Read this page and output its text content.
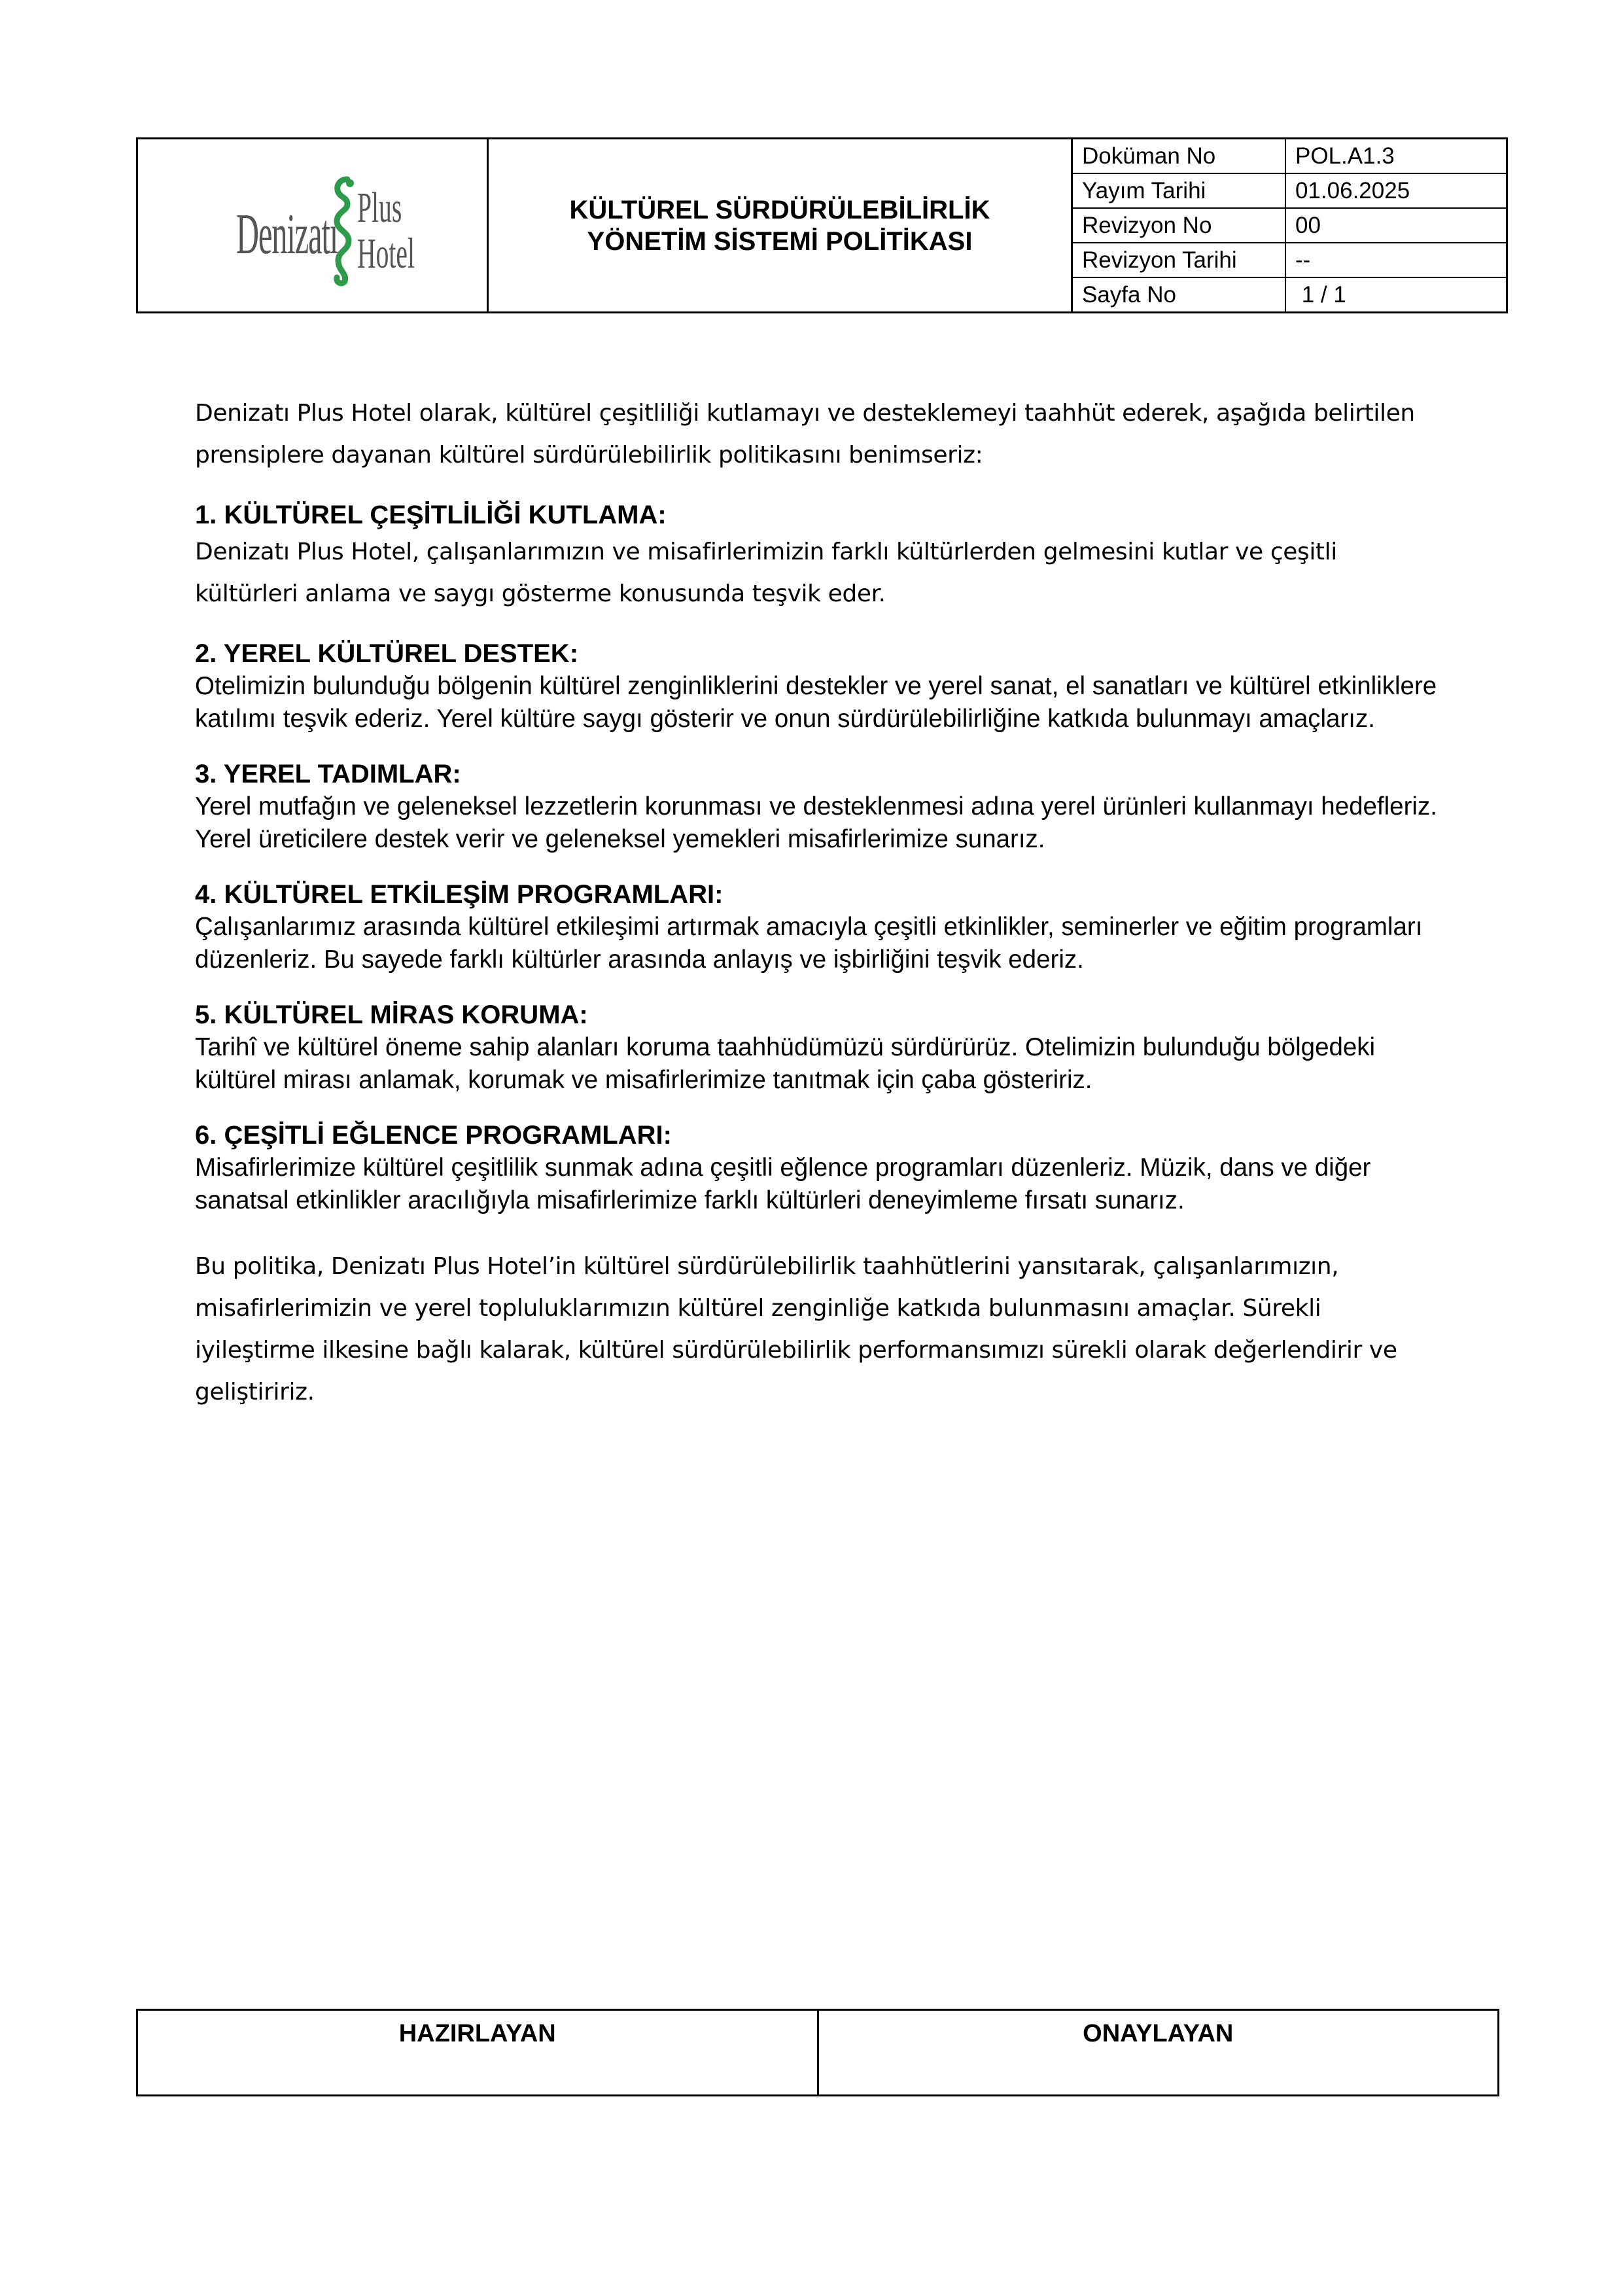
Denizatı Plus
Hotel

KÜLTÜREL SÜRDÜRÜLEBİLİRLİK
YÖNETİM SİSTEMİ POLİTİKASI

Doküman No	POL.A1.3
Yayım Tarihi	01.06.2025
Revizyon No	00
Revizyon Tarihi	--
Sayfa No	1 / 1

Denizatı Plus Hotel olarak, kültürel çeşitliliği kutlamayı ve desteklemeyi taahhüt ederek, aşağıda belirtilen prensiplere dayanan kültürel sürdürülebilirlik politikasını benimseriz:

1. KÜLTÜREL ÇEŞİTLİLİĞİ KUTLAMA:

Denizatı Plus Hotel, çalışanlarımızın ve misafirlerimizin farklı kültürlerden gelmesini kutlar ve çeşitli kültürleri anlama ve saygı gösterme konusunda teşvik eder.

2. YEREL KÜLTÜREL DESTEK:

Otelimizin bulunduğu bölgenin kültürel zenginliklerini destekler ve yerel sanat, el sanatları ve kültürel etkinliklere katılımı teşvik ederiz. Yerel kültüre saygı gösterir ve onun sürdürülebilirliğine katkıda bulunmayı amaçlarız.

3. YEREL TADIMLAR:

Yerel mutfağın ve geleneksel lezzetlerin korunması ve desteklenmesi adına yerel ürünleri kullanmayı hedefleriz. Yerel üreticilere destek verir ve geleneksel yemekleri misafirlerimize sunarız.

4. KÜLTÜREL ETKİLEŞİM PROGRAMLARI:

Çalışanlarımız arasında kültürel etkileşimi artırmak amacıyla çeşitli etkinlikler, seminerler ve eğitim programları düzenleriz. Bu sayede farklı kültürler arasında anlayış ve işbirliğini teşvik ederiz.

5. KÜLTÜREL MİRAS KORUMA:

Tarihî ve kültürel öneme sahip alanları koruma taahhüdümüzü sürdürürüz. Otelimizin bulunduğu bölgedeki kültürel mirası anlamak, korumak ve misafirlerimize tanıtmak için çaba gösteririz.

6. ÇEŞİTLİ EĞLENCE PROGRAMLARI:

Misafirlerimize kültürel çeşitlilik sunmak adına çeşitli eğlence programları düzenleriz. Müzik, dans ve diğer sanatsal etkinlikler aracılığıyla misafirlerimize farklı kültürleri deneyimleme fırsatı sunarız.

Bu politika, Denizatı Plus Hotel’in kültürel sürdürülebilirlik taahhütlerini yansıtarak, çalışanlarımızın, misafirlerimizin ve yerel topluluklarımızın kültürel zenginliğe katkıda bulunmasını amaçlar. Sürekli iyileştirme ilkesine bağlı kalarak, kültürel sürdürülebilirlik performansımızı sürekli olarak değerlendirir ve geliştiririz.

HAZIRLAYAN	ONAYLAYAN
